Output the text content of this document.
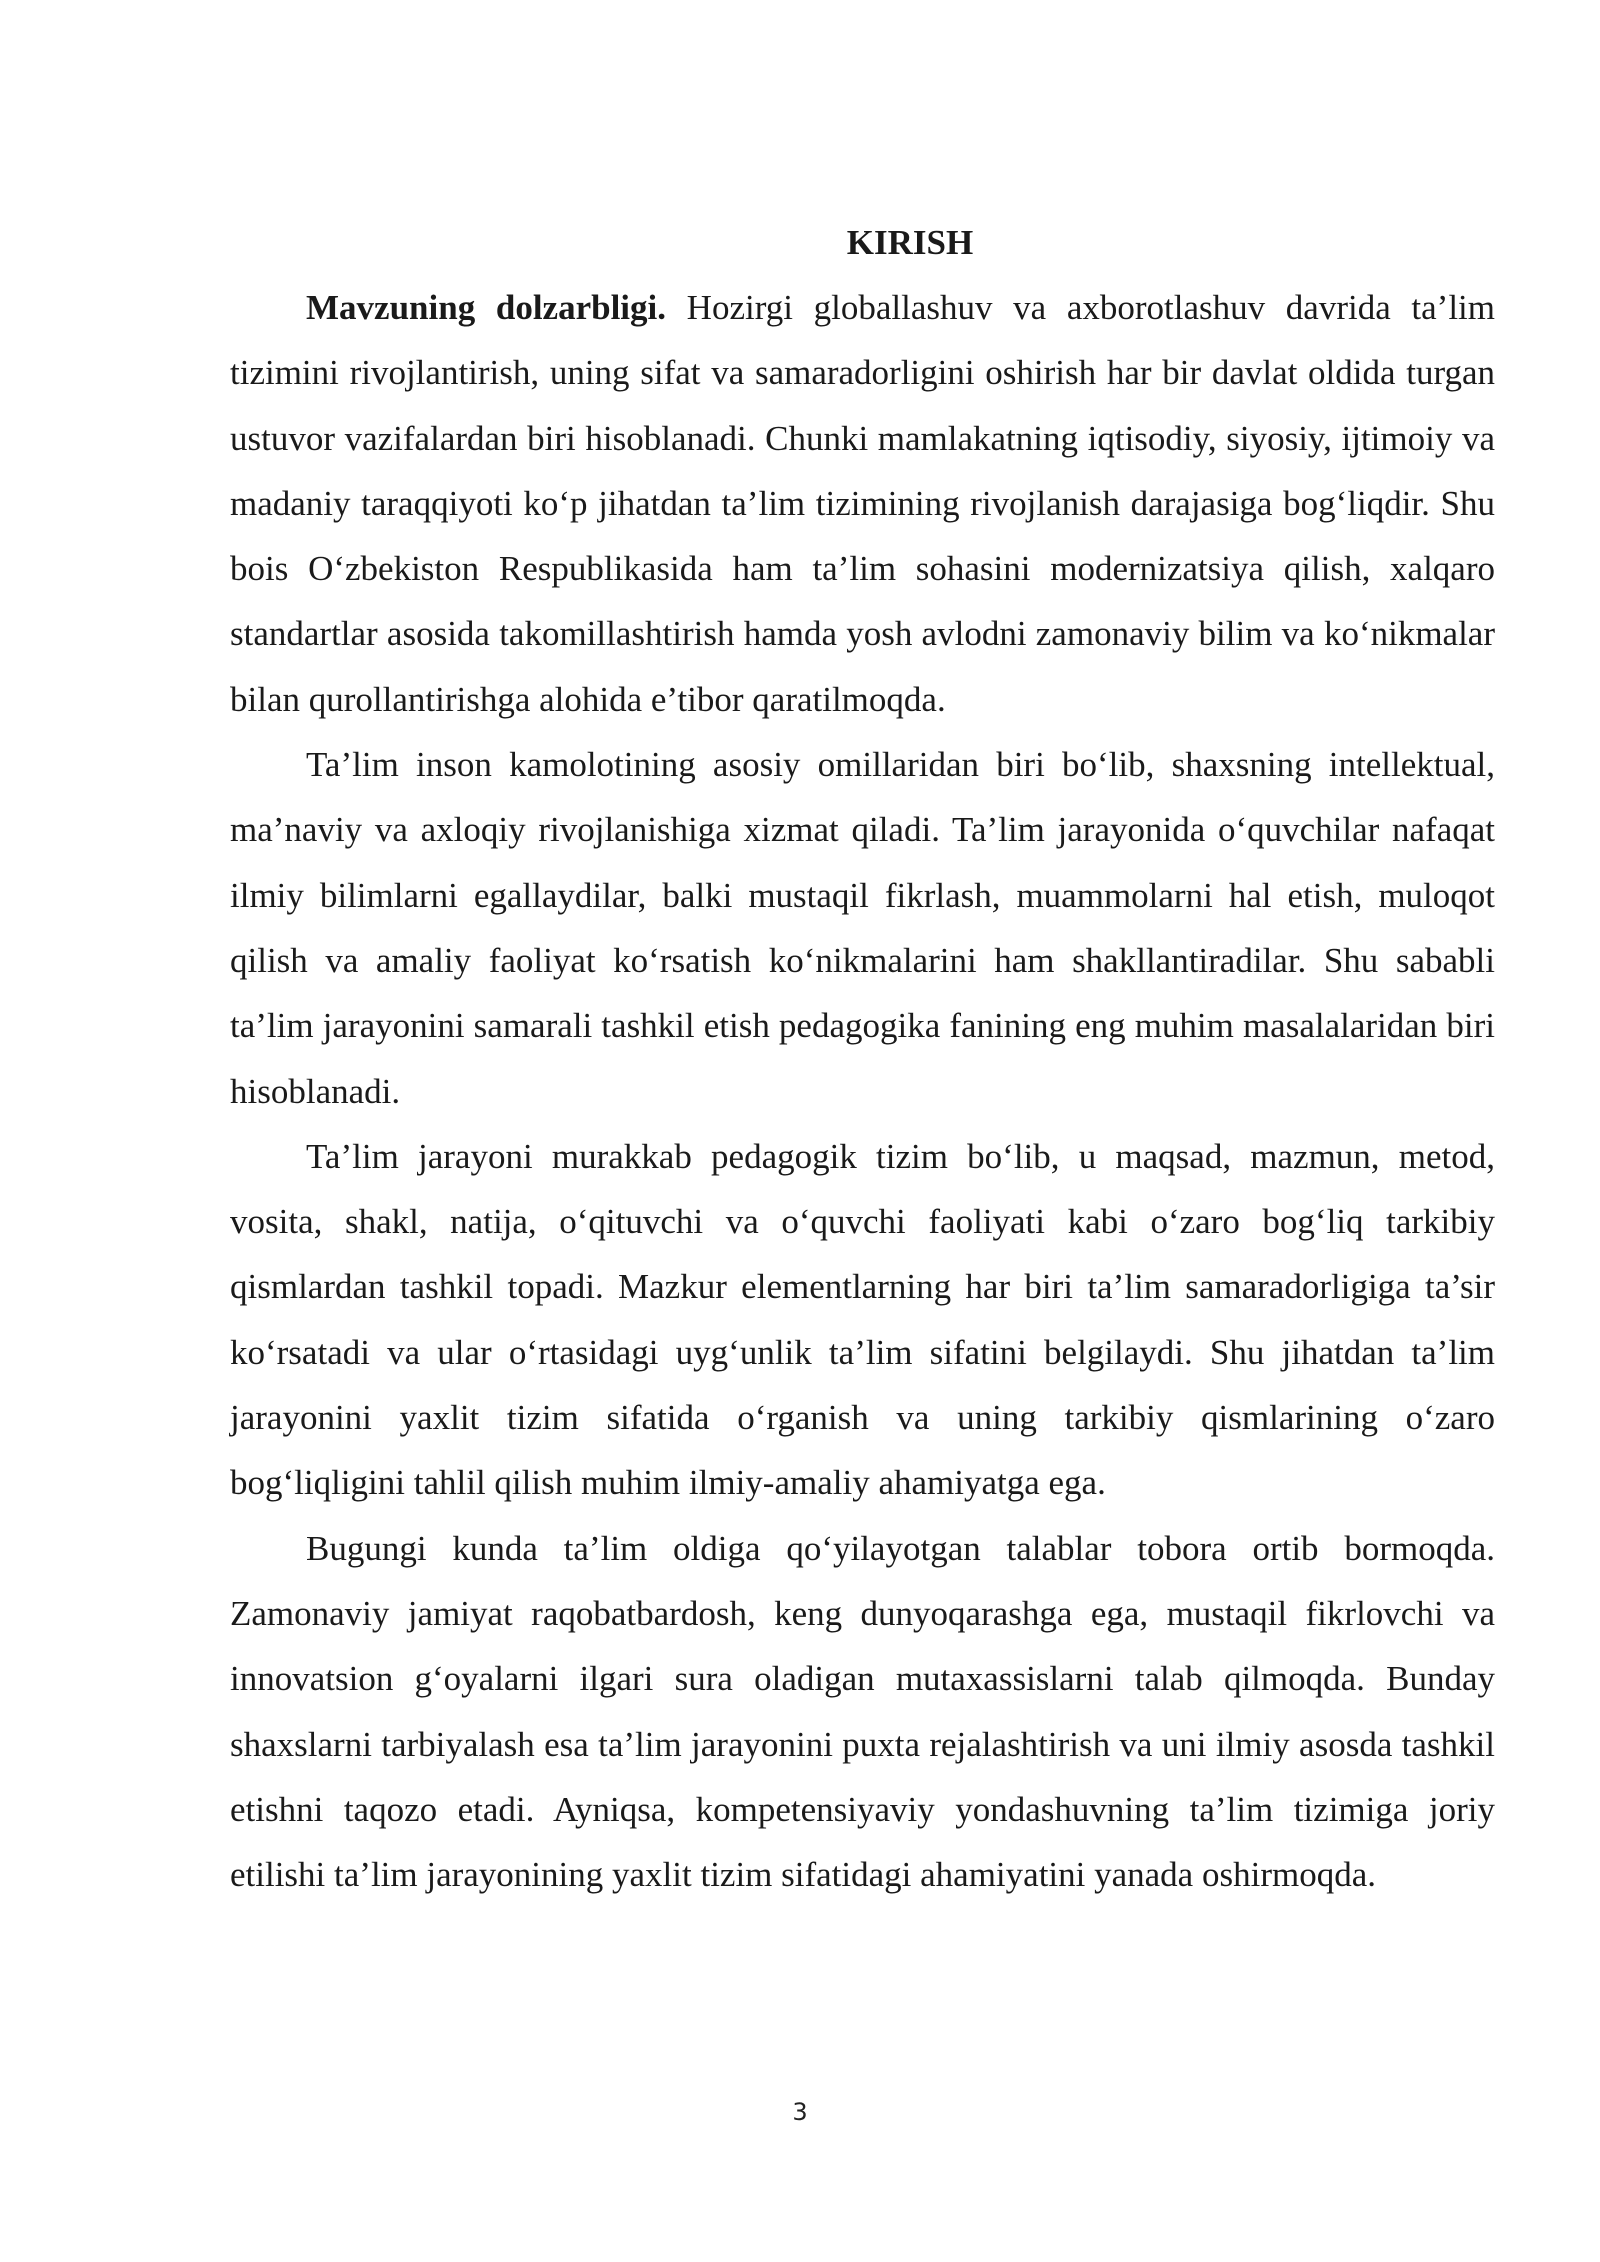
KIRISH

Mavzuning dolzarbligi. Hozirgi globallashuv va axborotlashuv davrida ta’lim tizimini rivojlantirish, uning sifat va samaradorligini oshirish har bir davlat oldida turgan ustuvor vazifalardan biri hisoblanadi. Chunki mamlakatning iqtisodiy, siyosiy, ijtimoiy va madaniy taraqqiyoti ko‘p jihatdan ta’lim tizimining rivojlanish darajasiga bog‘liqdir. Shu bois O‘zbekiston Respublikasida ham ta’lim sohasini modernizatsiya qilish, xalqaro standartlar asosida takomillashtirish hamda yosh avlodni zamonaviy bilim va ko‘nikmalar bilan qurollantirishga alohida e’tibor qaratilmoqda.

Ta’lim inson kamolotining asosiy omillaridan biri bo‘lib, shaxsning intellektual, ma’naviy va axloqiy rivojlanishiga xizmat qiladi. Ta’lim jarayonida o‘quvchilar nafaqat ilmiy bilimlarni egallaydilar, balki mustaqil fikrlash, muammolarni hal etish, muloqot qilish va amaliy faoliyat ko‘rsatish ko‘nikmalarini ham shakllantiradilar. Shu sababli ta’lim jarayonini samarali tashkil etish pedagogika fanining eng muhim masalalaridan biri hisoblanadi.

Ta’lim jarayoni murakkab pedagogik tizim bo‘lib, u maqsad, mazmun, metod, vosita, shakl, natija, o‘qituvchi va o‘quvchi faoliyati kabi o‘zaro bog‘liq tarkibiy qismlardan tashkil topadi. Mazkur elementlarning har biri ta’lim samaradorligiga ta’sir ko‘rsatadi va ular o‘rtasidagi uyg‘unlik ta’lim sifatini belgilaydi. Shu jihatdan ta’lim jarayonini yaxlit tizim sifatida o‘rganish va uning tarkibiy qismlarining o‘zaro bog‘liqligini tahlil qilish muhim ilmiy-amaliy ahamiyatga ega.

Bugungi kunda ta’lim oldiga qo‘yilayotgan talablar tobora ortib bormoqda. Zamonaviy jamiyat raqobatbardosh, keng dunyoqarashga ega, mustaqil fikrlovchi va innovatsion g‘oyalarni ilgari sura oladigan mutaxassislarni talab qilmoqda. Bunday shaxslarni tarbiyalash esa ta’lim jarayonini puxta rejalashtirish va uni ilmiy asosda tashkil etishni taqozo etadi. Ayniqsa, kompetensiyaviy yondashuvning ta’lim tizimiga joriy etilishi ta’lim jarayonining yaxlit tizim sifatidagi ahamiyatini yanada oshirmoqda.

3
